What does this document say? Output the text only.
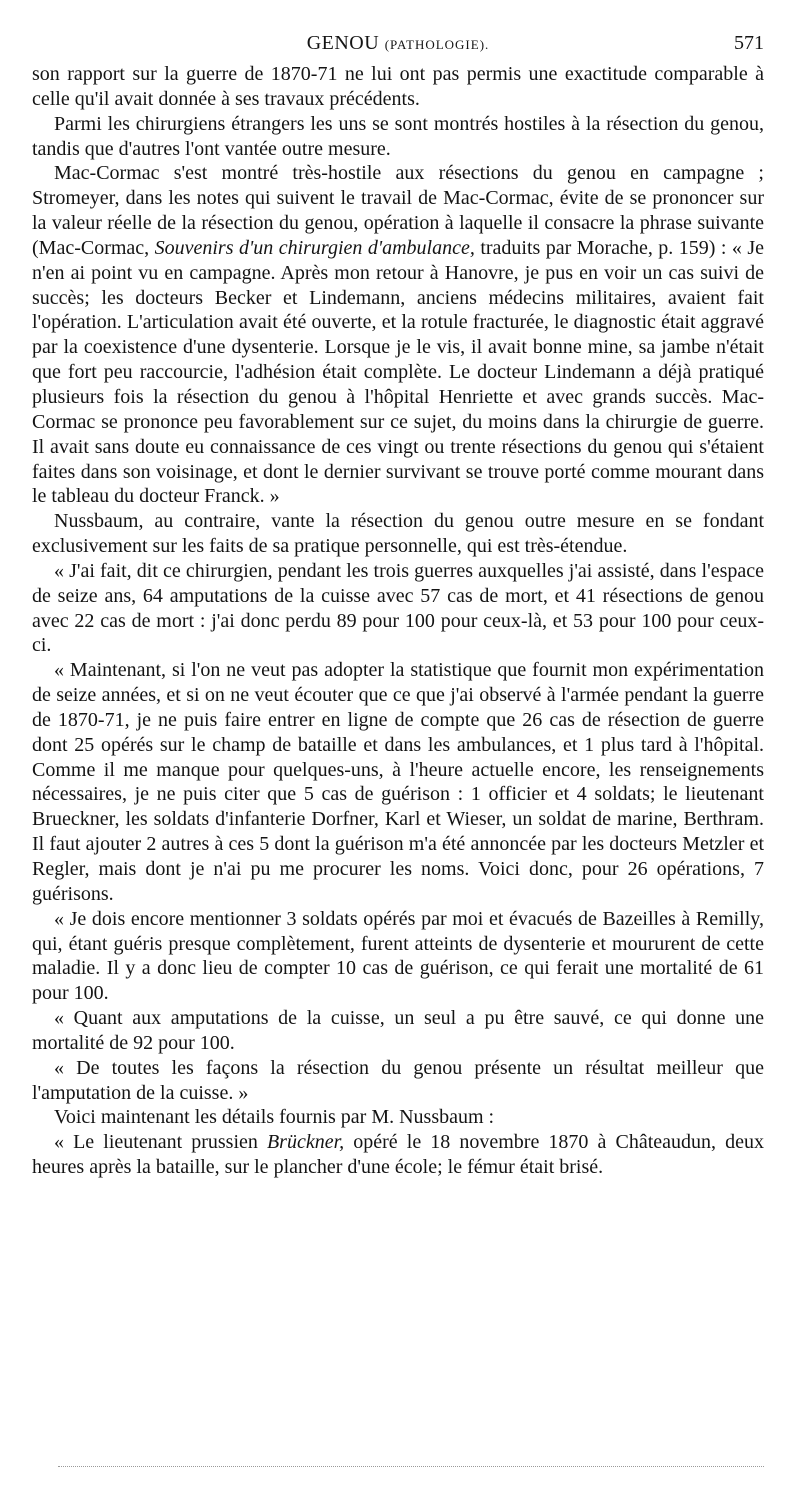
GENOU (PATHOLOGIE).	571

son rapport sur la guerre de 1870-71 ne lui ont pas permis une exactitude comparable à celle qu'il avait donnée à ses travaux précédents.

Parmi les chirurgiens étrangers les uns se sont montrés hostiles à la résection du genou, tandis que d'autres l'ont vantée outre mesure.

Mac-Cormac s'est montré très-hostile aux résections du genou en campagne ; Stromeyer, dans les notes qui suivent le travail de Mac-Cormac, évite de se prononcer sur la valeur réelle de la résection du genou, opération à laquelle il consacre la phrase suivante (Mac-Cormac, Souvenirs d'un chirurgien d'ambulance, traduits par Morache, p. 159) : « Je n'en ai point vu en campagne. Après mon retour à Hanovre, je pus en voir un cas suivi de succès; les docteurs Becker et Lindemann, anciens médecins militaires, avaient fait l'opération. L'articulation avait été ouverte, et la rotule fracturée, le diagnostic était aggravé par la coexistence d'une dysenterie. Lorsque je le vis, il avait bonne mine, sa jambe n'était que fort peu raccourcie, l'adhésion était complète. Le docteur Lindemann a déjà pratiqué plusieurs fois la résection du genou à l'hôpital Henriette et avec grands succès. Mac-Cormac se prononce peu favorablement sur ce sujet, du moins dans la chirurgie de guerre. Il avait sans doute eu connaissance de ces vingt ou trente résections du genou qui s'étaient faites dans son voisinage, et dont le dernier survivant se trouve porté comme mourant dans le tableau du docteur Franck. »

Nussbaum, au contraire, vante la résection du genou outre mesure en se fondant exclusivement sur les faits de sa pratique personnelle, qui est très-étendue.

« J'ai fait, dit ce chirurgien, pendant les trois guerres auxquelles j'ai assisté, dans l'espace de seize ans, 64 amputations de la cuisse avec 57 cas de mort, et 41 résections de genou avec 22 cas de mort : j'ai donc perdu 89 pour 100 pour ceux-là, et 53 pour 100 pour ceux-ci.

« Maintenant, si l'on ne veut pas adopter la statistique que fournit mon expérimentation de seize années, et si on ne veut écouter que ce que j'ai observé à l'armée pendant la guerre de 1870-71, je ne puis faire entrer en ligne de compte que 26 cas de résection de guerre dont 25 opérés sur le champ de bataille et dans les ambulances, et 1 plus tard à l'hôpital. Comme il me manque pour quelques-uns, à l'heure actuelle encore, les renseignements nécessaires, je ne puis citer que 5 cas de guérison : 1 officier et 4 soldats; le lieutenant Brueckner, les soldats d'infanterie Dorfner, Karl et Wieser, un soldat de marine, Berthram. Il faut ajouter 2 autres à ces 5 dont la guérison m'a été annoncée par les docteurs Metzler et Regler, mais dont je n'ai pu me procurer les noms. Voici donc, pour 26 opérations, 7 guérisons.

« Je dois encore mentionner 3 soldats opérés par moi et évacués de Bazeilles à Remilly, qui, étant guéris presque complètement, furent atteints de dysenterie et moururent de cette maladie. Il y a donc lieu de compter 10 cas de guérison, ce qui ferait une mortalité de 61 pour 100.

« Quant aux amputations de la cuisse, un seul a pu être sauvé, ce qui donne une mortalité de 92 pour 100.

« De toutes les façons la résection du genou présente un résultat meilleur que l'amputation de la cuisse. »

Voici maintenant les détails fournis par M. Nussbaum :

« Le lieutenant prussien Brückner, opéré le 18 novembre 1870 à Châteaudun, deux heures après la bataille, sur le plancher d'une école; le fémur était brisé.
